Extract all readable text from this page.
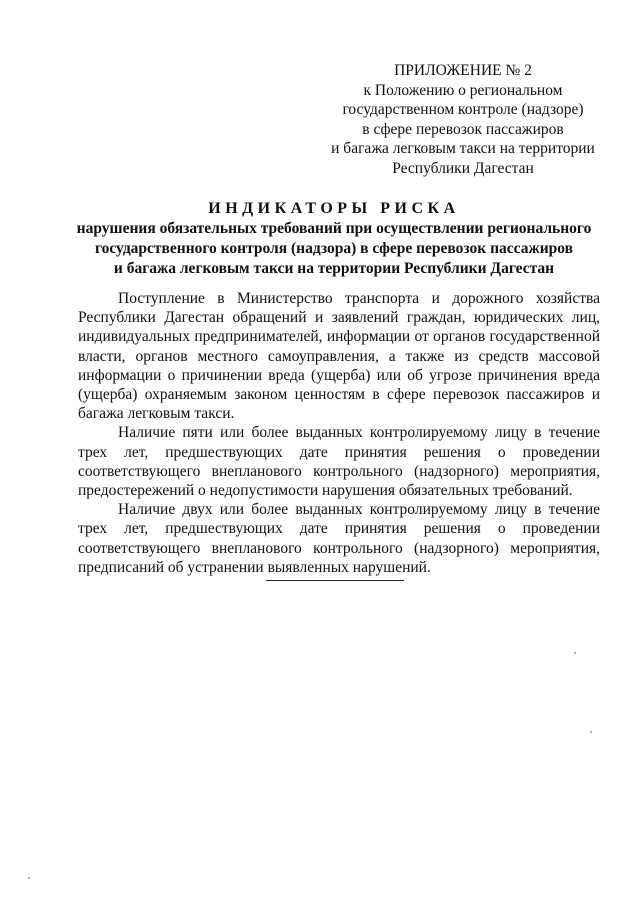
ПРИЛОЖЕНИЕ № 2
к Положению о региональном
государственном контроле (надзоре)
в сфере перевозок пассажиров
и багажа легковым такси на территории
Республики Дагестан
ИНДИКАТОРЫ РИСКА
нарушения обязательных требований при осуществлении регионального
государственного контроля (надзора) в сфере перевозок пассажиров
и багажа легковым такси на территории Республики Дагестан

Поступление в Министерство транспорта и дорожного хозяйства Республики Дагестан обращений и заявлений граждан, юридических лиц, индивидуальных предпринимателей, информации от органов государственной власти, органов местного самоуправления, а также из средств массовой информации о причинении вреда (ущерба) или об угрозе причинения вреда (ущерба) охраняемым законом ценностям в сфере перевозок пассажиров и багажа легковым такси.

Наличие пяти или более выданных контролируемому лицу в течение трех лет, предшествующих дате принятия решения о проведении соответствующего внепланового контрольного (надзорного) мероприятия, предостережений о недопустимости нарушения обязательных требований.

Наличие двух или более выданных контролируемому лицу в течение трех лет, предшествующих дате принятия решения о проведении соответствующего внепланового контрольного (надзорного) мероприятия, предписаний об устранении выявленных нарушений.
